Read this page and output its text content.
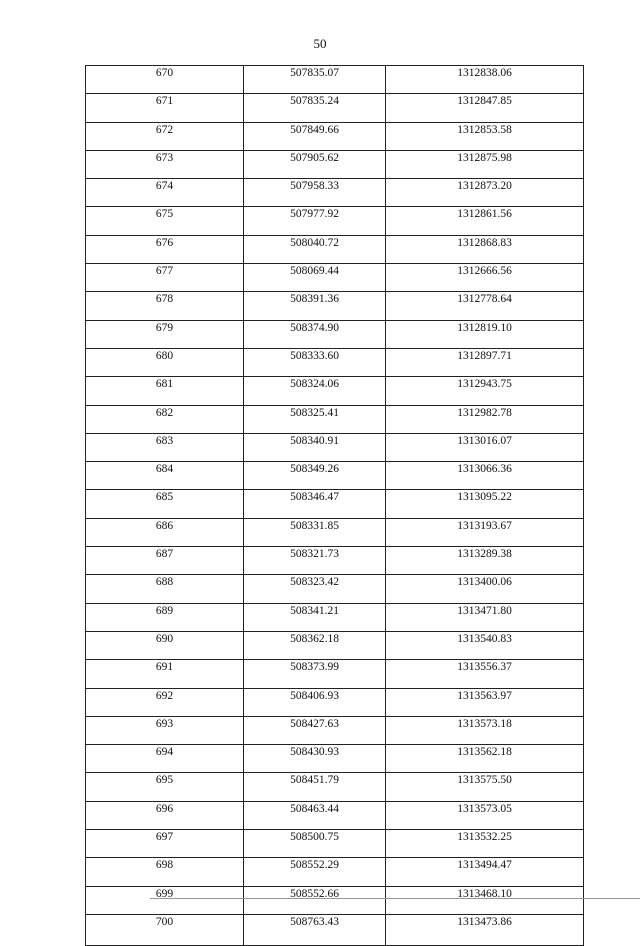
50
670	507835.07	1312838.06
671	507835.24	1312847.85
672	507849.66	1312853.58
673	507905.62	1312875.98
674	507958.33	1312873.20
675	507977.92	1312861.56
676	508040.72	1312868.83
677	508069.44	1312666.56
678	508391.36	1312778.64
679	508374.90	1312819.10
680	508333.60	1312897.71
681	508324.06	1312943.75
682	508325.41	1312982.78
683	508340.91	1313016.07
684	508349.26	1313066.36
685	508346.47	1313095.22
686	508331.85	1313193.67
687	508321.73	1313289.38
688	508323.42	1313400.06
689	508341.21	1313471.80
690	508362.18	1313540.83
691	508373.99	1313556.37
692	508406.93	1313563.97
693	508427.63	1313573.18
694	508430.93	1313562.18
695	508451.79	1313575.50
696	508463.44	1313573.05
697	508500.75	1313532.25
698	508552.29	1313494.47
699	508552.66	1313468.10
700	508763.43	1313473.86
